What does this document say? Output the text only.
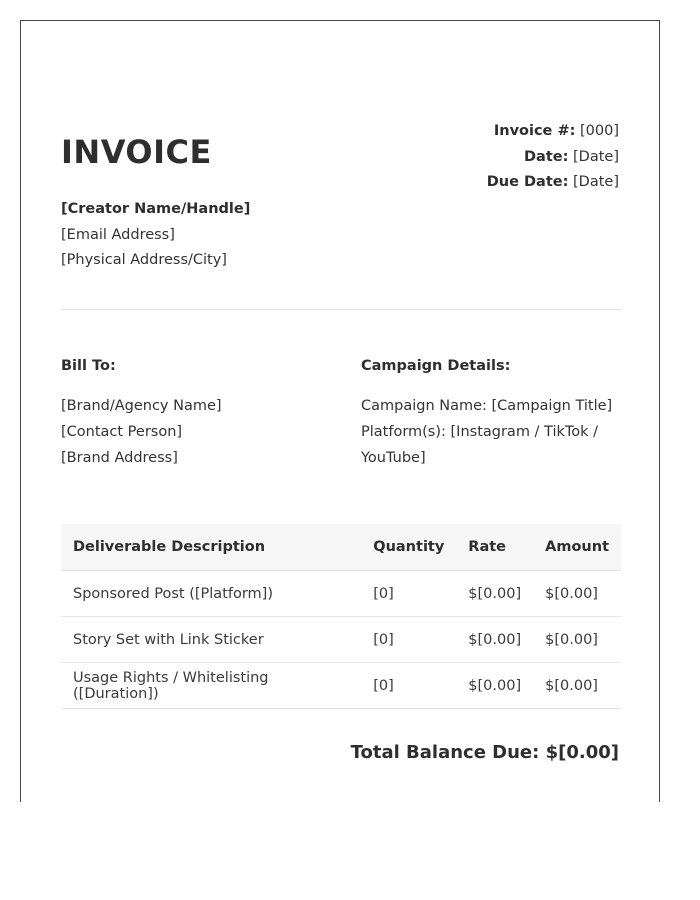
INVOICE
Invoice #: [000]
Date: [Date]
Due Date: [Date]
[Creator Name/Handle]
[Email Address]
[Physical Address/City]
Bill To:
[Brand/Agency Name]
[Contact Person]
[Brand Address]
Campaign Details:
Campaign Name: [Campaign Title]
Platform(s): [Instagram / TikTok / YouTube]
Deliverable Description	Quantity	Rate	Amount
Sponsored Post ([Platform])	[0]	$[0.00]	$[0.00]
Story Set with Link Sticker	[0]	$[0.00]	$[0.00]
Usage Rights / Whitelisting ([Duration])	[0]	$[0.00]	$[0.00]
Total Balance Due: $[0.00]
